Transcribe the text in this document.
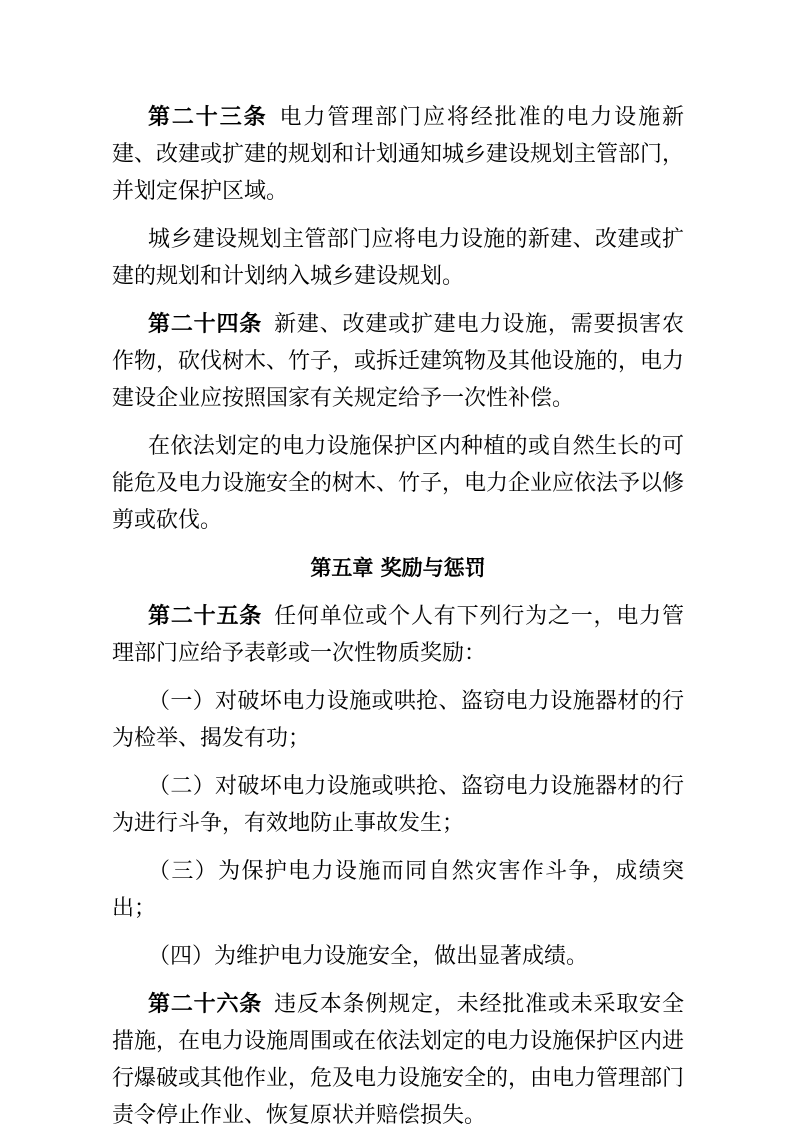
第二十三条 电力管理部门应将经批准的电力设施新建、改建或扩建的规划和计划通知城乡建设规划主管部门，并划定保护区域。

城乡建设规划主管部门应将电力设施的新建、改建或扩建的规划和计划纳入城乡建设规划。

第二十四条 新建、改建或扩建电力设施，需要损害农作物，砍伐树木、竹子，或拆迁建筑物及其他设施的，电力建设企业应按照国家有关规定给予一次性补偿。

在依法划定的电力设施保护区内种植的或自然生长的可能危及电力设施安全的树木、竹子，电力企业应依法予以修剪或砍伐。

第五章 奖励与惩罚

第二十五条 任何单位或个人有下列行为之一，电力管理部门应给予表彰或一次性物质奖励：

（一）对破坏电力设施或哄抢、盗窃电力设施器材的行为检举、揭发有功；

（二）对破坏电力设施或哄抢、盗窃电力设施器材的行为进行斗争，有效地防止事故发生；

（三）为保护电力设施而同自然灾害作斗争，成绩突出；

（四）为维护电力设施安全，做出显著成绩。

第二十六条 违反本条例规定，未经批准或未采取安全措施，在电力设施周围或在依法划定的电力设施保护区内进行爆破或其他作业，危及电力设施安全的，由电力管理部门责令停止作业、恢复原状并赔偿损失。
